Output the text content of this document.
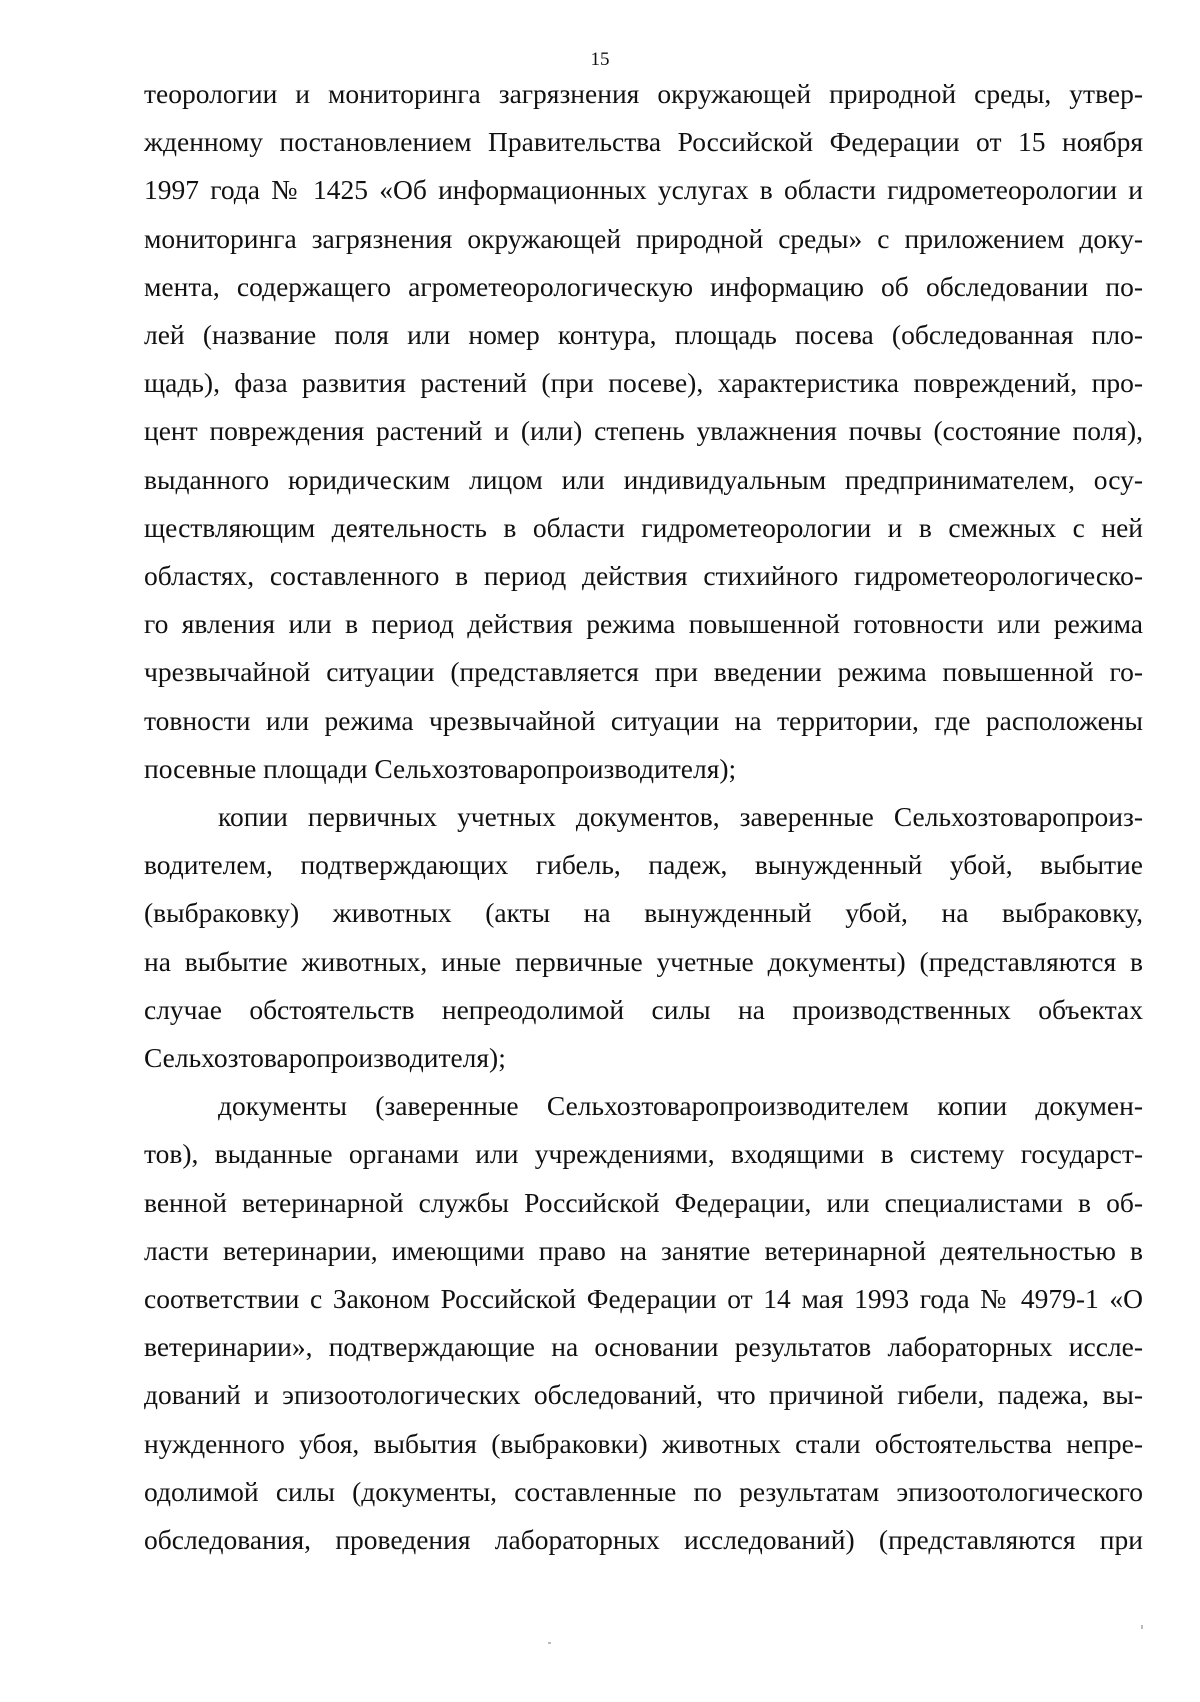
15
теорологии и мониторинга загрязнения окружающей природной среды, утвер-
жденному постановлением Правительства Российской Федерации от 15 ноября
1997 года № 1425 «Об информационных услугах в области гидрометеорологии и
мониторинга загрязнения окружающей природной среды» с приложением доку-
мента, содержащего агрометеорологическую информацию об обследовании по-
лей (название поля или номер контура, площадь посева (обследованная пло-
щадь), фаза развития растений (при посеве), характеристика повреждений, про-
цент повреждения растений и (или) степень увлажнения почвы (состояние поля),
выданного юридическим лицом или индивидуальным предпринимателем, осу-
ществляющим деятельность в области гидрометеорологии и в смежных с ней
областях, составленного в период действия стихийного гидрометеорологическо-
го явления или в период действия режима повышенной готовности или режима
чрезвычайной ситуации (представляется при введении режима повышенной го-
товности или режима чрезвычайной ситуации на территории, где расположены
посевные площади Сельхозтоваропроизводителя);
копии первичных учетных документов, заверенные Сельхозтоваропроиз-
водителем, подтверждающих гибель, падеж, вынужденный убой, выбытие
(выбраковку) животных (акты на вынужденный убой, на выбраковку,
на выбытие животных, иные первичные учетные документы) (представляются в
случае обстоятельств непреодолимой силы на производственных объектах
Сельхозтоваропроизводителя);
документы (заверенные Сельхозтоваропроизводителем копии докумен-
тов), выданные органами или учреждениями, входящими в систему государст-
венной ветеринарной службы Российской Федерации, или специалистами в об-
ласти ветеринарии, имеющими право на занятие ветеринарной деятельностью в
соответствии с Законом Российской Федерации от 14 мая 1993 года № 4979-1 «О
ветеринарии», подтверждающие на основании результатов лабораторных иссле-
дований и эпизоотологических обследований, что причиной гибели, падежа, вы-
нужденного убоя, выбытия (выбраковки) животных стали обстоятельства непре-
одолимой силы (документы, составленные по результатам эпизоотологического
обследования, проведения лабораторных исследований) (представляются при
